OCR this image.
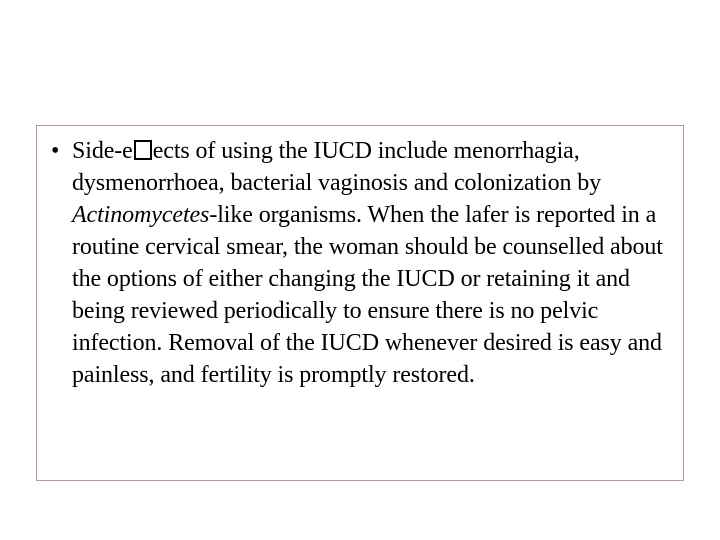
• Side-e ects of using the IUCD include menorrhagia, dysmenorrhoea, bacterial vaginosis and colonization by Actinomycetes-like organisms. When the lafer is reported in a routine cervical smear, the woman should be counselled about the options of either changing the IUCD or retaining it and being reviewed periodically to ensure there is no pelvic infection. Removal of the IUCD whenever desired is easy and painless, and fertility is promptly restored.
